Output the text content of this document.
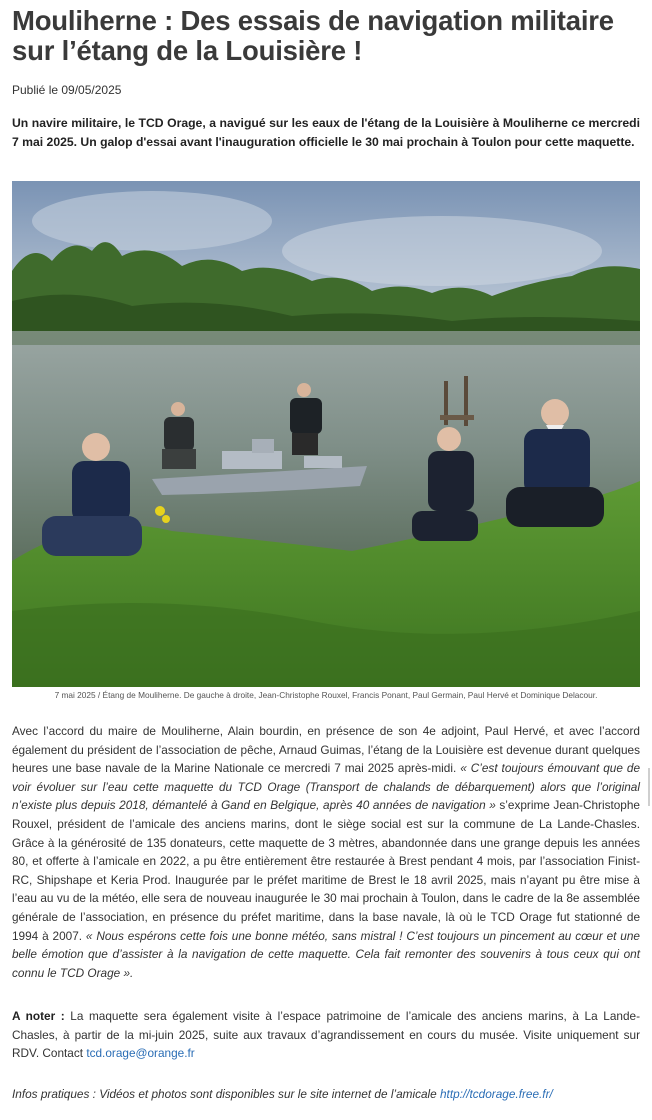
Mouliherne : Des essais de navigation militaire sur l’étang de la Louisière !
Publié le 09/05/2025

Un navire militaire, le TCD Orage, a navigué sur les eaux de l'étang de la Louisière à Mouliherne ce mercredi 7 mai 2025. Un galop d'essai avant l'inauguration officielle le 30 mai prochain à Toulon pour cette maquette.

7 mai 2025 / Étang de Mouliherne. De gauche à droite, Jean-Christophe Rouxel, Francis Ponant, Paul Germain, Paul Hervé et Dominique Delacour.

Avec l’accord du maire de Mouliherne, Alain bourdin, en présence de son 4e adjoint, Paul Hervé, et avec l’accord également du président de l’association de pêche, Arnaud Guimas, l’étang de la Louisière est devenue durant quelques heures une base navale de la Marine Nationale ce mercredi 7 mai 2025 après-midi. « C’est toujours émouvant que de voir évoluer sur l’eau cette maquette du TCD Orage (Transport de chalands de débarquement) alors que l’original n’existe plus depuis 2018, démantelé à Gand en Belgique, après 40 années de navigation » s’exprime Jean-Christophe Rouxel, président de l’amicale des anciens marins, dont le siège social est sur la commune de La Lande-Chasles. Grâce à la générosité de 135 donateurs, cette maquette de 3 mètres, abandonnée dans une grange depuis les années 80, et offerte à l’amicale en 2022, a pu être entièrement être restaurée à Brest pendant 4 mois, par l’association Finist-RC, Shipshape et Keria Prod. Inaugurée par le préfet maritime de Brest le 18 avril 2025, mais n’ayant pu être mise à l’eau au vu de la météo, elle sera de nouveau inaugurée le 30 mai prochain à Toulon, dans le cadre de la 8e assemblée générale de l’association, en présence du préfet maritime, dans la base navale, là où le TCD Orage fut stationné de 1994 à 2007. « Nous espérons cette fois une bonne météo, sans mistral ! C’est toujours un pincement au cœur et une belle émotion que d’assister à la navigation de cette maquette. Cela fait remonter des souvenirs à tous ceux qui ont connu le TCD Orage ».

A noter : La maquette sera également visite à l’espace patrimoine de l’amicale des anciens marins, à La Lande-Chasles, à partir de la mi-juin 2025, suite aux travaux d’agrandissement en cours du musée. Visite uniquement sur RDV. Contact tcd.orage@orange.fr

Infos pratiques : Vidéos et photos sont disponibles sur le site internet de l’amicale http://tcdorage.free.fr/
